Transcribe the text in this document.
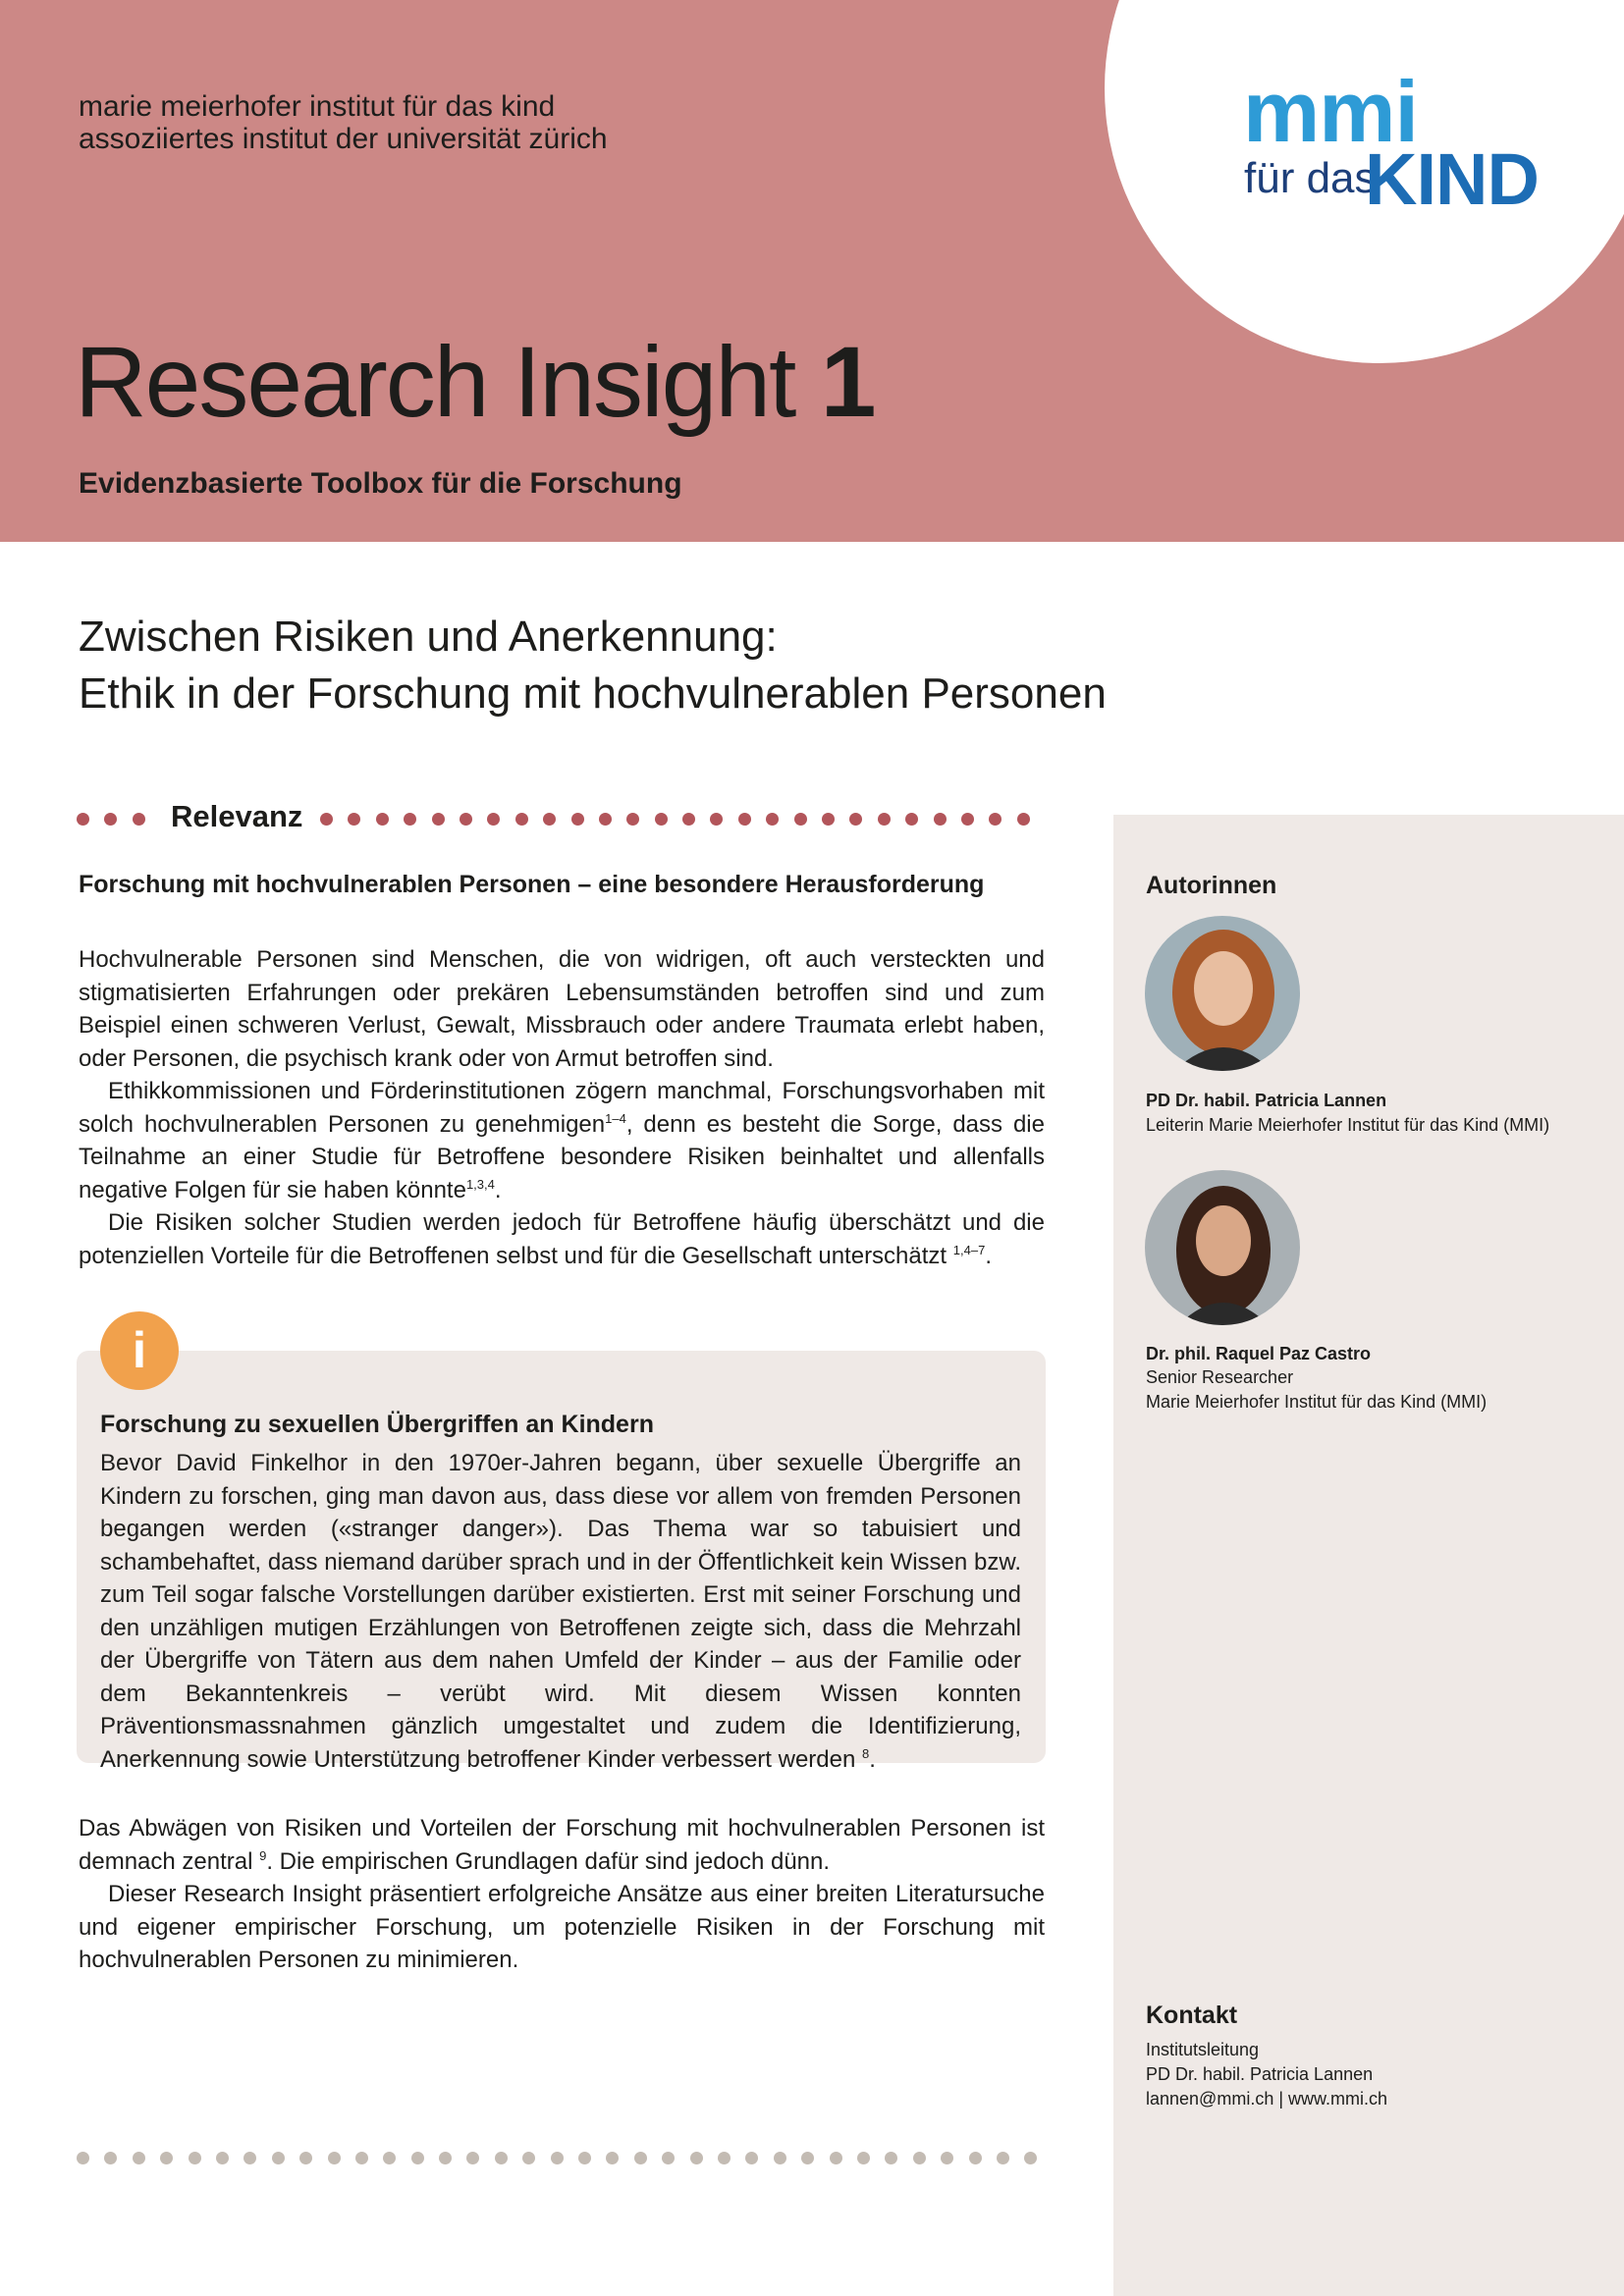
mmi
für das
KIND
marie meierhofer institut für das kind
assoziiertes institut der universität zürich
Research Insight 1
Evidenzbasierte Toolbox für die Forschung
Zwischen Risiken und Anerkennung:
Ethik in der Forschung mit hochvulnerablen Personen
Relevanz
Forschung mit hochvulnerablen Personen – eine besondere Herausforderung

Hochvulnerable Personen sind Menschen, die von widrigen, oft auch versteckten und stigmatisierten Erfahrungen oder prekären Lebensumständen betroffen sind und zum Beispiel einen schweren Verlust, Gewalt, Missbrauch oder andere Traumata erlebt haben, oder Personen, die psychisch krank oder von Armut betroffen sind.

Ethikkommissionen und Förderinstitutionen zögern manchmal, Forschungsvorhaben mit solch hochvulnerablen Personen zu genehmigen$^{1-4}$, denn es besteht die Sorge, dass die Teilnahme an einer Studie für Betroffene besondere Risiken beinhaltet und allenfalls negative Folgen für sie haben könnte$^{1,3,4}$.

Die Risiken solcher Studien werden jedoch für Betroffene häufig überschätzt und die potenziellen Vorteile für die Betroffenen selbst und für die Gesellschaft unterschätzt $^{1,4-7}$.

i
Forschung zu sexuellen Übergriffen an Kindern

Bevor David Finkelhor in den 1970er-Jahren begann, über sexuelle Übergriffe an Kindern zu forschen, ging man davon aus, dass diese vor allem von fremden Personen begangen werden («stranger danger»). Das Thema war so tabuisiert und schambehaftet, dass niemand darüber sprach und in der Öffentlichkeit kein Wissen bzw. zum Teil sogar falsche Vorstellungen darüber existierten. Erst mit seiner Forschung und den unzähligen mutigen Erzählungen von Betroffenen zeigte sich, dass die Mehrzahl der Übergriffe von Tätern aus dem nahen Umfeld der Kinder – aus der Familie oder dem Bekanntenkreis – verübt wird. Mit diesem Wissen konnten Präventionsmassnahmen gänzlich umgestaltet und zudem die Identifizierung, Anerkennung sowie Unterstützung betroffener Kinder verbessert werden $^8$.

Das Abwägen von Risiken und Vorteilen der Forschung mit hochvulnerablen Personen ist demnach zentral $^9$. Die empirischen Grundlagen dafür sind jedoch dünn.

Dieser Research Insight präsentiert erfolgreiche Ansätze aus einer breiten Literatursuche und eigener empirischer Forschung, um potenzielle Risiken in der Forschung mit hochvulnerablen Personen zu minimieren.

Autorinnen
PD Dr. habil. Patricia Lannen
Leiterin Marie Meierhofer Institut für das Kind (MMI)
Dr. phil. Raquel Paz Castro
Senior Researcher
Marie Meierhofer Institut für das Kind (MMI)
Kontakt
Institutsleitung
PD Dr. habil. Patricia Lannen
lannen@mmi.ch | www.mmi.ch
